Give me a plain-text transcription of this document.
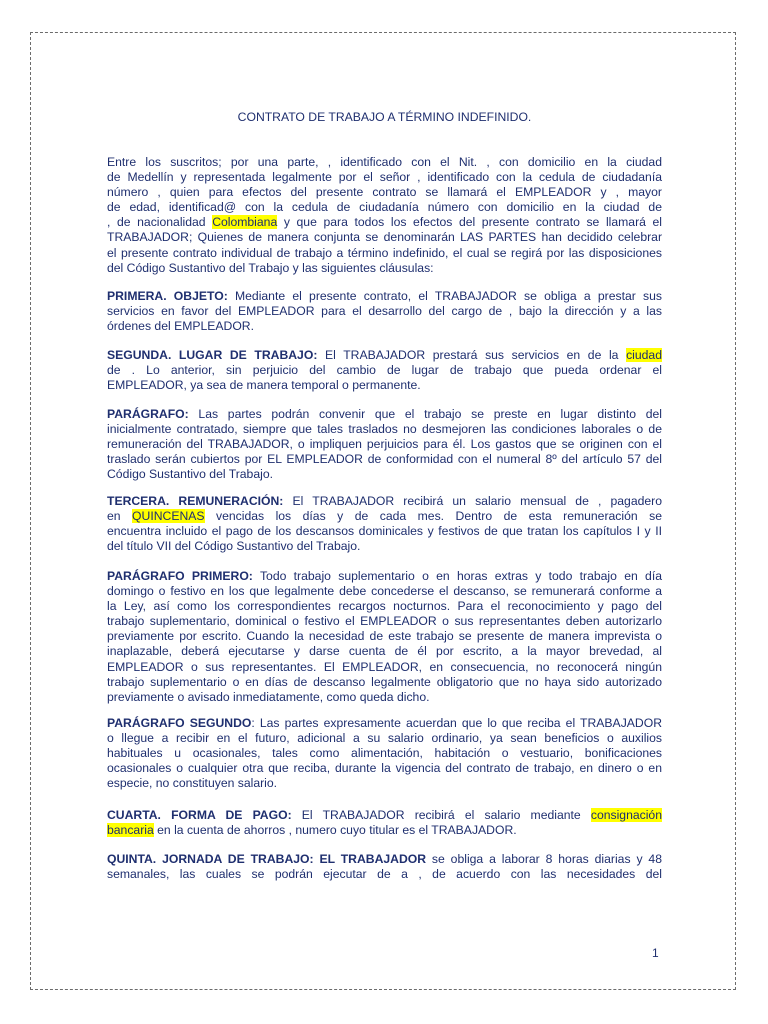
CONTRATO DE TRABAJO A TÉRMINO INDEFINIDO.
Entre los suscritos; por una parte, , identificado con el Nit. , con domicilio en la ciudad
de Medellín y representada legalmente por el señor , identificado con la cedula de ciudadanía
número , quien para efectos del presente contrato se llamará el EMPLEADOR y , mayor
de edad, identificad@ con la cedula de ciudadanía número con domicilio en la ciudad de
, de nacionalidad Colombiana y que para todos los efectos del presente contrato se llamará el
TRABAJADOR; Quienes de manera conjunta se denominarán LAS PARTES han decidido celebrar
el presente contrato individual de trabajo a término indefinido, el cual se regirá por las disposiciones
del Código Sustantivo del Trabajo y las siguientes cláusulas:
PRIMERA. OBJETO: Mediante el presente contrato, el TRABAJADOR se obliga a prestar sus
servicios en favor del EMPLEADOR para el desarrollo del cargo de , bajo la dirección y a las
órdenes del EMPLEADOR.
SEGUNDA. LUGAR DE TRABAJO: El TRABAJADOR prestará sus servicios en de la ciudad
de . Lo anterior, sin perjuicio del cambio de lugar de trabajo que pueda ordenar el
EMPLEADOR, ya sea de manera temporal o permanente.
PARÁGRAFO: Las partes podrán convenir que el trabajo se preste en lugar distinto del
inicialmente contratado, siempre que tales traslados no desmejoren las condiciones laborales o de
remuneración del TRABAJADOR, o impliquen perjuicios para él. Los gastos que se originen con el
traslado serán cubiertos por EL EMPLEADOR de conformidad con el numeral 8º del artículo 57 del
Código Sustantivo del Trabajo.
TERCERA. REMUNERACIÓN: El TRABAJADOR recibirá un salario mensual de , pagadero
en QUINCENAS vencidas los días y de cada mes. Dentro de esta remuneración se
encuentra incluido el pago de los descansos dominicales y festivos de que tratan los capítulos I y II
del título VII del Código Sustantivo del Trabajo.
PARÁGRAFO PRIMERO: Todo trabajo suplementario o en horas extras y todo trabajo en día
domingo o festivo en los que legalmente debe concederse el descanso, se remunerará conforme a
la Ley, así como los correspondientes recargos nocturnos. Para el reconocimiento y pago del
trabajo suplementario, dominical o festivo el EMPLEADOR o sus representantes deben autorizarlo
previamente por escrito. Cuando la necesidad de este trabajo se presente de manera imprevista o
inaplazable, deberá ejecutarse y darse cuenta de él por escrito, a la mayor brevedad, al
EMPLEADOR o sus representantes. El EMPLEADOR, en consecuencia, no reconocerá ningún
trabajo suplementario o en días de descanso legalmente obligatorio que no haya sido autorizado
previamente o avisado inmediatamente, como queda dicho.
PARÁGRAFO SEGUNDO: Las partes expresamente acuerdan que lo que reciba el TRABAJADOR
o llegue a recibir en el futuro, adicional a su salario ordinario, ya sean beneficios o auxilios
habituales u ocasionales, tales como alimentación, habitación o vestuario, bonificaciones
ocasionales o cualquier otra que reciba, durante la vigencia del contrato de trabajo, en dinero o en
especie, no constituyen salario.
CUARTA. FORMA DE PAGO: El TRABAJADOR recibirá el salario mediante consignación
bancaria en la cuenta de ahorros , numero cuyo titular es el TRABAJADOR.
QUINTA. JORNADA DE TRABAJO: EL TRABAJADOR se obliga a laborar 8 horas diarias y 48
semanales, las cuales se podrán ejecutar de a , de acuerdo con las necesidades del
1
